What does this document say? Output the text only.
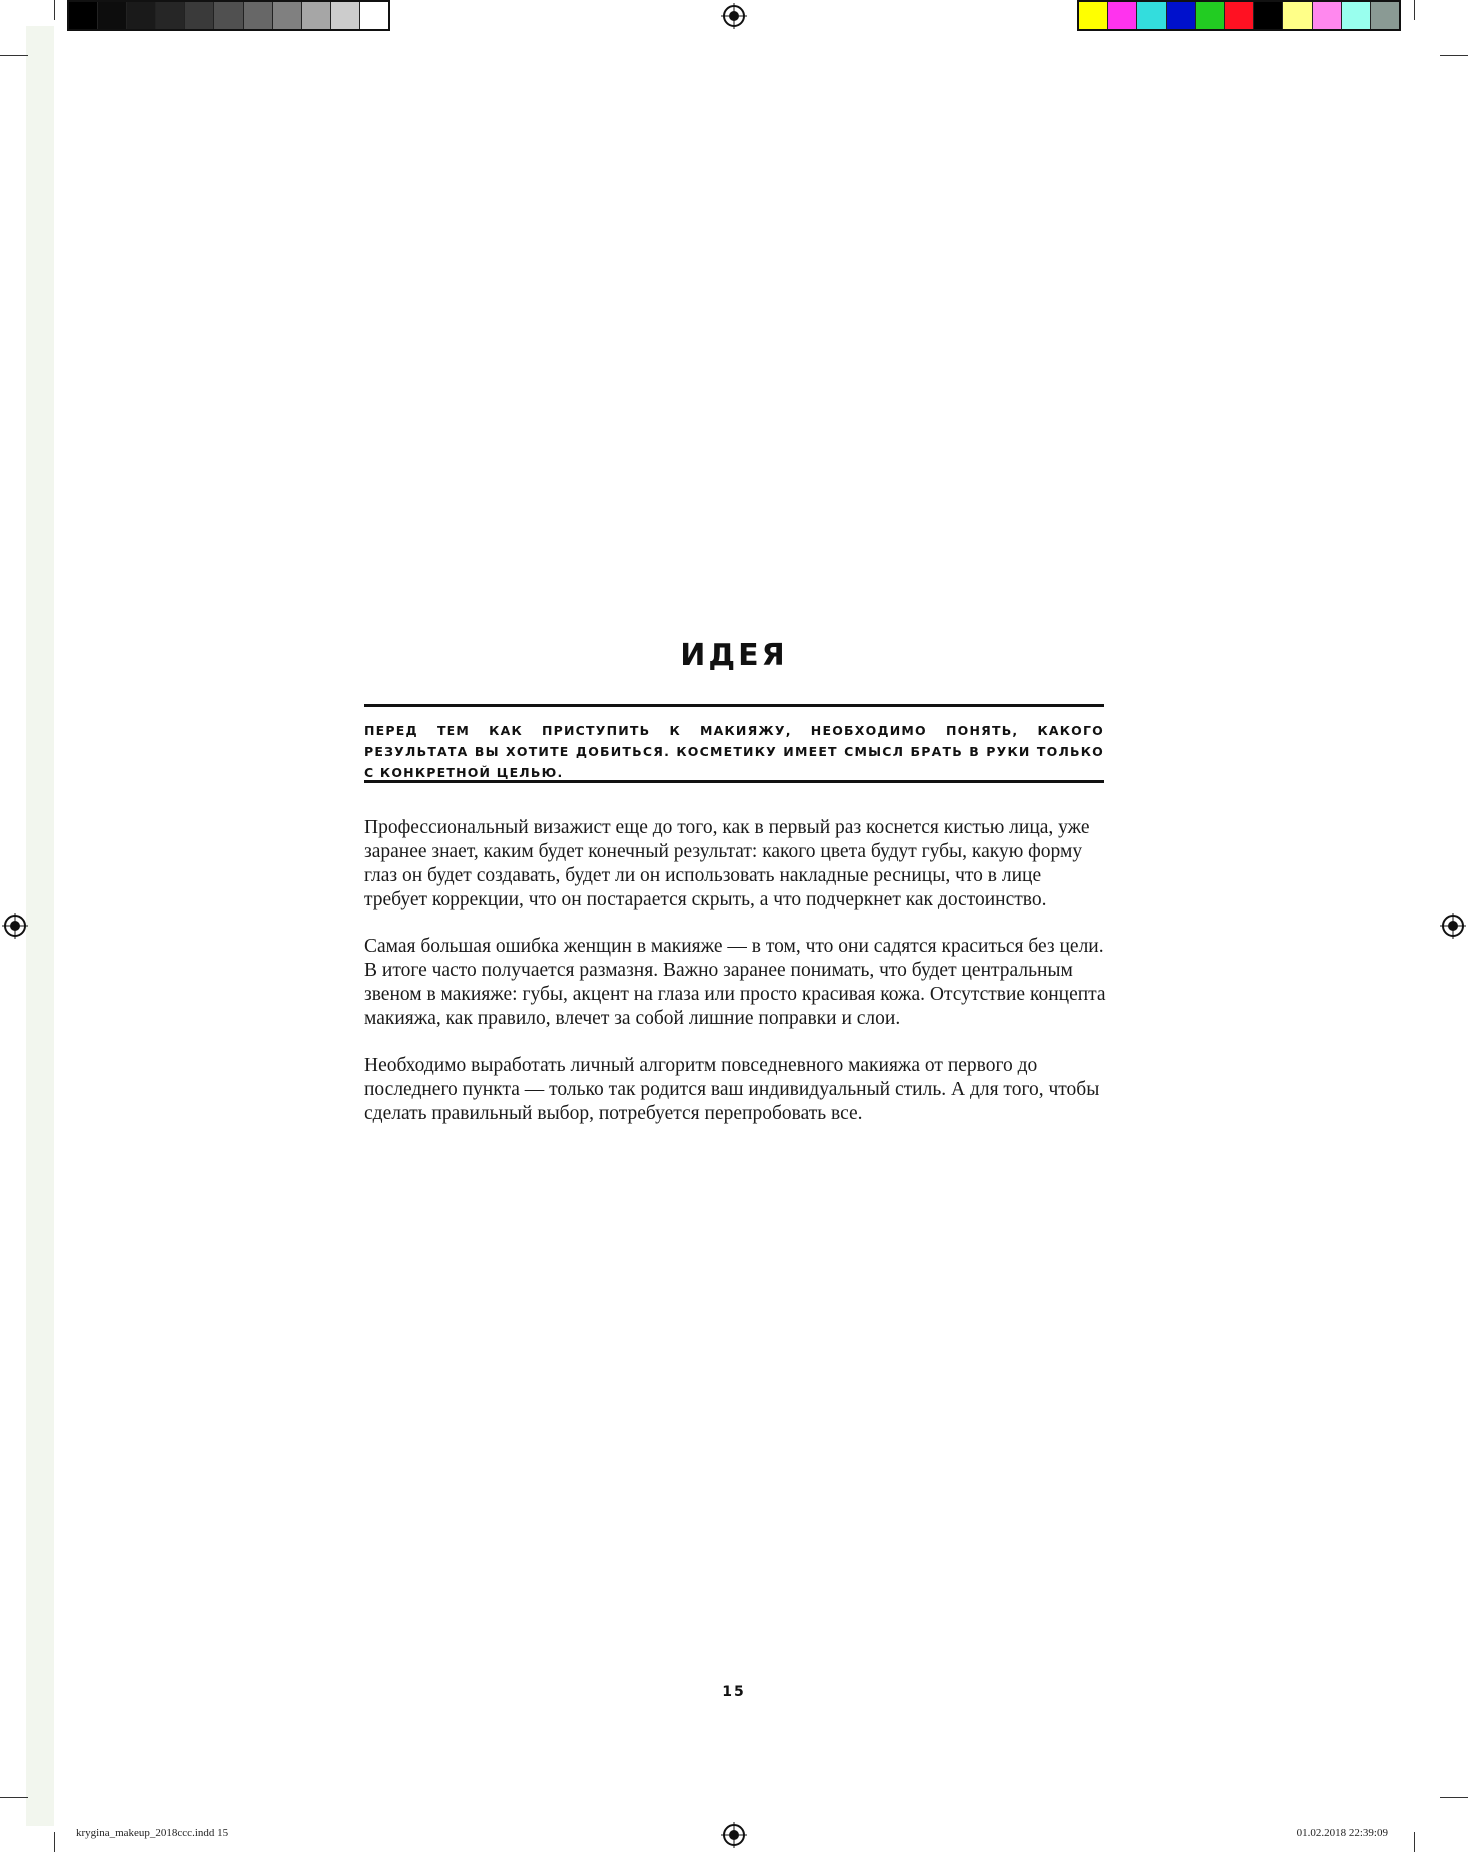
ИДЕЯ

ПЕРЕД ТЕМ КАК ПРИСТУПИТЬ К МАКИЯЖУ, НЕОБХОДИМО ПОНЯТЬ, КАКОГО РЕЗУЛЬТАТА ВЫ ХОТИТЕ ДОБИТЬСЯ. КОСМЕТИКУ ИМЕЕТ СМЫСЛ БРАТЬ В РУКИ ТОЛЬКО С КОНКРЕТНОЙ ЦЕЛЬЮ.

Профессиональный визажист еще до того, как в первый раз коснется кистью лица, уже заранее знает, каким будет конечный результат: какого цвета будут губы, какую форму глаз он будет создавать, будет ли он использовать накладные ресницы, что в лице требует коррекции, что он постарается скрыть, а что подчеркнет как достоинство.

Самая большая ошибка женщин в макияже — в том, что они садятся краситься без цели. В итоге часто получается размазня. Важно заранее понимать, что будет центральным звеном в макияже: губы, акцент на глаза или просто красивая кожа. Отсутствие концепта макияжа, как правило, влечет за собой лишние поправки и слои.

Необходимо выработать личный алгоритм повседневного макияжа от первого до последнего пункта — только так родится ваш индивидуальный стиль. А для того, чтобы сделать правильный выбор, потребуется перепробовать все.

15
krygina_makeup_2018ccc.indd 15	01.02.2018 22:39:09
